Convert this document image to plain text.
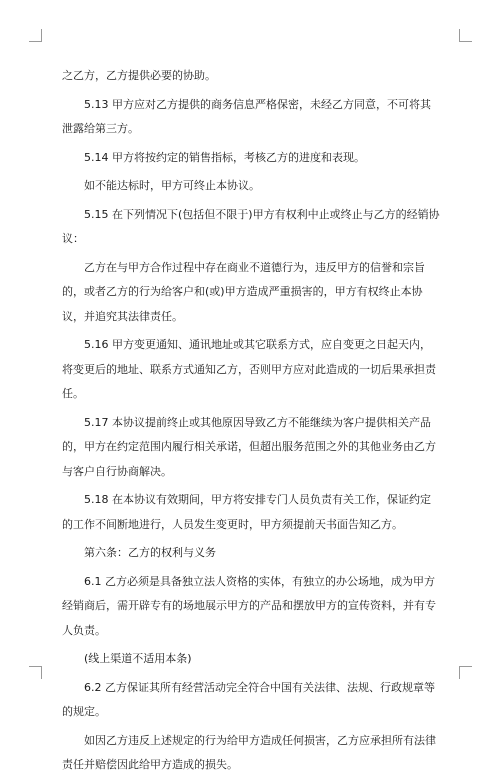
之乙方，乙方提供必要的协助。

5.13 甲方应对乙方提供的商务信息严格保密，未经乙方同意，不可将其泄露给第三方。

5.14 甲方将按约定的销售指标，考核乙方的进度和表现。

如不能达标时，甲方可终止本协议。

5.15 在下列情况下(包括但不限于)甲方有权利中止或终止与乙方的经销协议：

乙方在与甲方合作过程中存在商业不道德行为，违反甲方的信誉和宗旨的，或者乙方的行为给客户和(或)甲方造成严重损害的，甲方有权终止本协议，并追究其法律责任。

5.16 甲方变更通知、通讯地址或其它联系方式，应自变更之日起天内，将变更后的地址、联系方式通知乙方，否则甲方应对此造成的一切后果承担责任。

5.17 本协议提前终止或其他原因导致乙方不能继续为客户提供相关产品的，甲方在约定范围内履行相关承诺，但超出服务范围之外的其他业务由乙方与客户自行协商解决。

5.18 在本协议有效期间，甲方将安排专门人员负责有关工作，保证约定的工作不间断地进行，人员发生变更时，甲方须提前天书面告知乙方。

第六条：乙方的权利与义务

6.1 乙方必须是具备独立法人资格的实体，有独立的办公场地，成为甲方经销商后，需开辟专有的场地展示甲方的产品和摆放甲方的宣传资料，并有专人负责。

(线上渠道不适用本条)

6.2 乙方保证其所有经营活动完全符合中国有关法律、法规、行政规章等的规定。

如因乙方违反上述规定的行为给甲方造成任何损害，乙方应承担所有法律责任并赔偿因此给甲方造成的损失。
